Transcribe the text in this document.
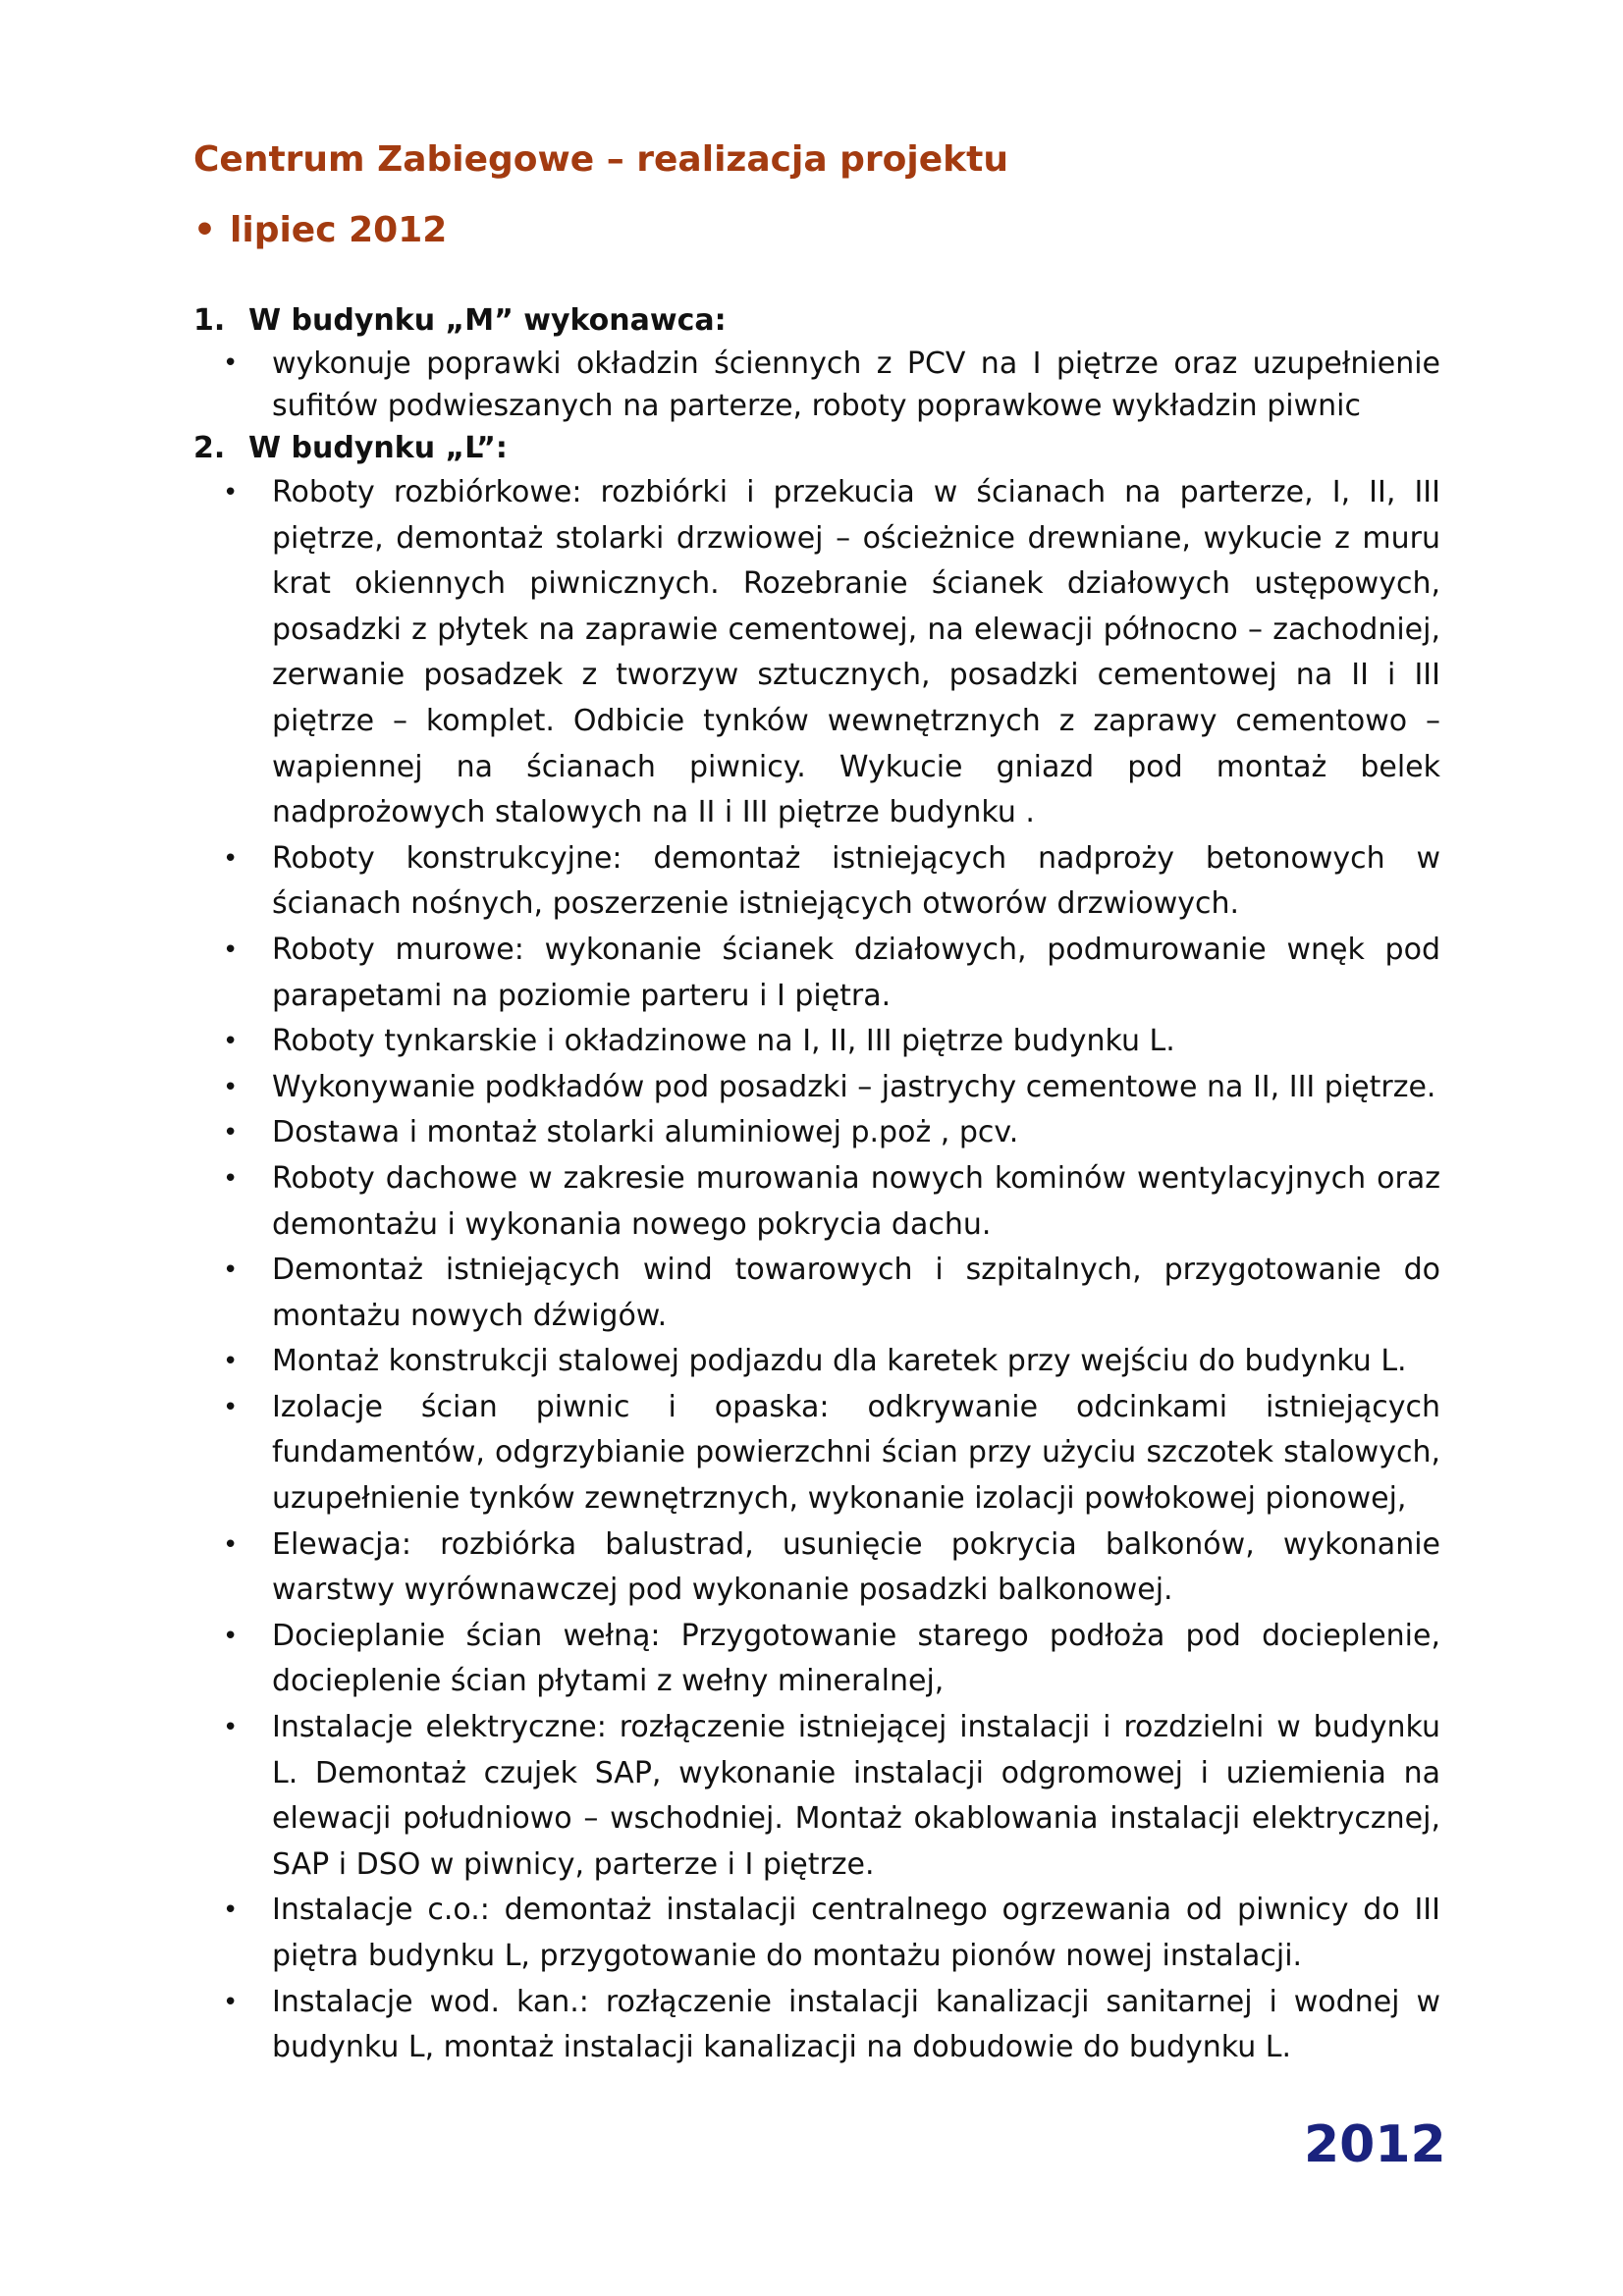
Centrum Zabiegowe – realizacja projektu
• lipiec 2012
1. W budynku „M” wykonawca:
• wykonuje poprawki okładzin ściennych z PCV na I piętrze oraz uzupełnienie sufitów podwieszanych na parterze, roboty poprawkowe wykładzin piwnic
2. W budynku „L”:
• Roboty rozbiórkowe: rozbiórki i przekucia w ścianach na parterze, I, II, III piętrze, demontaż stolarki drzwiowej – ościeżnice drewniane, wykucie z muru krat okiennych piwnicznych. Rozebranie ścianek działowych ustępowych, posadzki z płytek na zaprawie cementowej, na elewacji północno – zachodniej, zerwanie posadzek z tworzyw sztucznych, posadzki cementowej na II i III piętrze – komplet. Odbicie tynków wewnętrznych z zaprawy cementowo – wapiennej na ścianach piwnicy. Wykucie gniazd pod montaż belek nadprożowych stalowych na II i III piętrze budynku .
• Roboty konstrukcyjne: demontaż istniejących nadproży betonowych w ścianach nośnych, poszerzenie istniejących otworów drzwiowych.
• Roboty murowe: wykonanie ścianek działowych, podmurowanie wnęk pod parapetami na poziomie parteru i I piętra.
• Roboty tynkarskie i okładzinowe na I, II, III piętrze budynku L.
• Wykonywanie podkładów pod posadzki – jastrychy cementowe na II, III piętrze.
• Dostawa i montaż stolarki aluminiowej p.poż , pcv.
• Roboty dachowe w zakresie murowania nowych kominów wentylacyjnych oraz demontażu i wykonania nowego pokrycia dachu.
• Demontaż istniejących wind towarowych i szpitalnych, przygotowanie do montażu nowych dźwigów.
• Montaż konstrukcji stalowej podjazdu dla karetek przy wejściu do budynku L.
• Izolacje ścian piwnic i opaska: odkrywanie odcinkami istniejących fundamentów, odgrzybianie powierzchni ścian przy użyciu szczotek stalowych, uzupełnienie tynków zewnętrznych, wykonanie izolacji powłokowej pionowej,
• Elewacja: rozbiórka balustrad, usunięcie pokrycia balkonów, wykonanie warstwy wyrównawczej pod wykonanie posadzki balkonowej.
• Docieplanie ścian wełną: Przygotowanie starego podłoża pod docieplenie, docieplenie ścian płytami z wełny mineralnej,
• Instalacje elektryczne: rozłączenie istniejącej instalacji i rozdzielni w budynku L. Demontaż czujek SAP, wykonanie instalacji odgromowej i uziemienia na elewacji południowo – wschodniej. Montaż okablowania instalacji elektrycznej, SAP i DSO w piwnicy, parterze i I piętrze.
• Instalacje c.o.: demontaż instalacji centralnego ogrzewania od piwnicy do III piętra budynku L, przygotowanie do montażu pionów nowej instalacji.
• Instalacje wod. kan.: rozłączenie instalacji kanalizacji sanitarnej i wodnej w budynku L, montaż instalacji kanalizacji na dobudowie do budynku L.
2012
